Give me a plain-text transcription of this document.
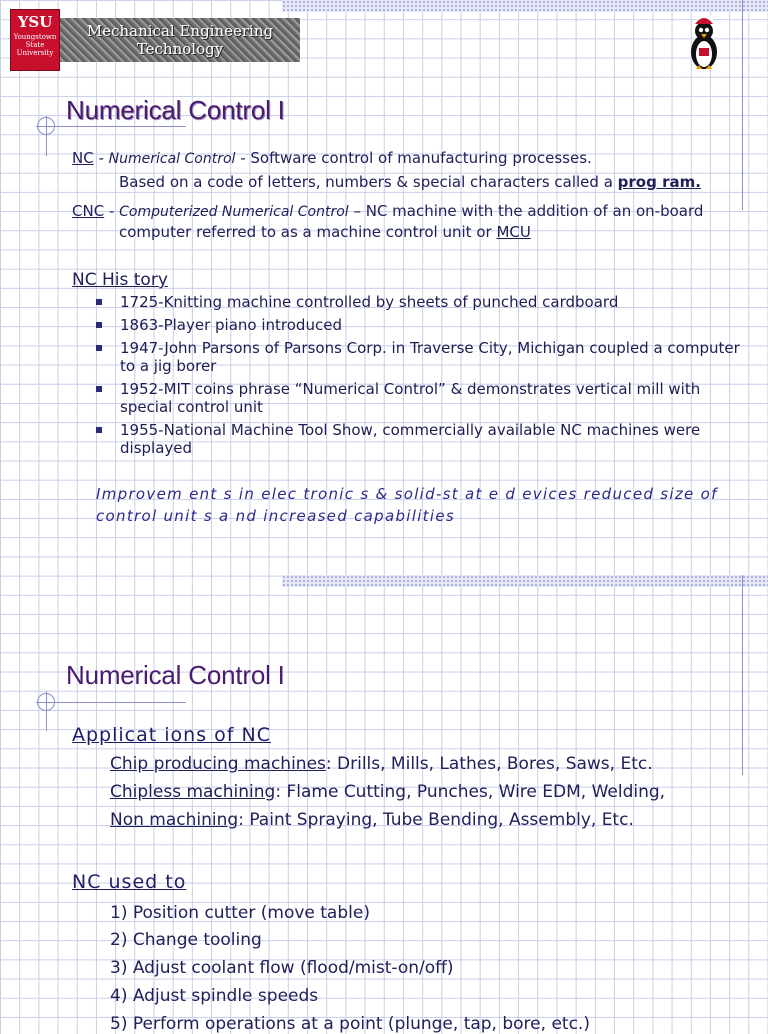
YSU
Youngstown State University
Mechanical Engineering
Technology
Numerical Control I
NC - Numerical Control - Software control of manufacturing processes.
Based on a code of letters, numbers & special characters called a prog ram.
CNC - Computerized Numerical Control – NC machine with the addition of an on-board
computer referred to as a machine control unit or MCU
NC His tory
1725-Knitting machine controlled by sheets of punched cardboard
1863-Player piano introduced
1947-John Parsons of Parsons Corp. in Traverse City, Michigan coupled a computer to a jig borer
1952-MIT coins phrase “Numerical Control” & demonstrates vertical mill with special control unit
1955-National Machine Tool Show, commercially available NC machines were displayed
Improvem ent s in elec tronic s & solid-st at e d evices reduced size of control unit s a nd increased capabilities
Numerical Control I
Applicat ions of NC
Chip producing machines: Drills, Mills, Lathes, Bores, Saws, Etc.
Chipless machining: Flame Cutting, Punches, Wire EDM, Welding,
Non machining: Paint Spraying, Tube Bending, Assembly, Etc.
NC used to
1) Position cutter (move table)
2) Change tooling
3) Adjust coolant flow (flood/mist-on/off)
4) Adjust spindle speeds
5) Perform operations at a point (plunge, tap, bore, etc.)
